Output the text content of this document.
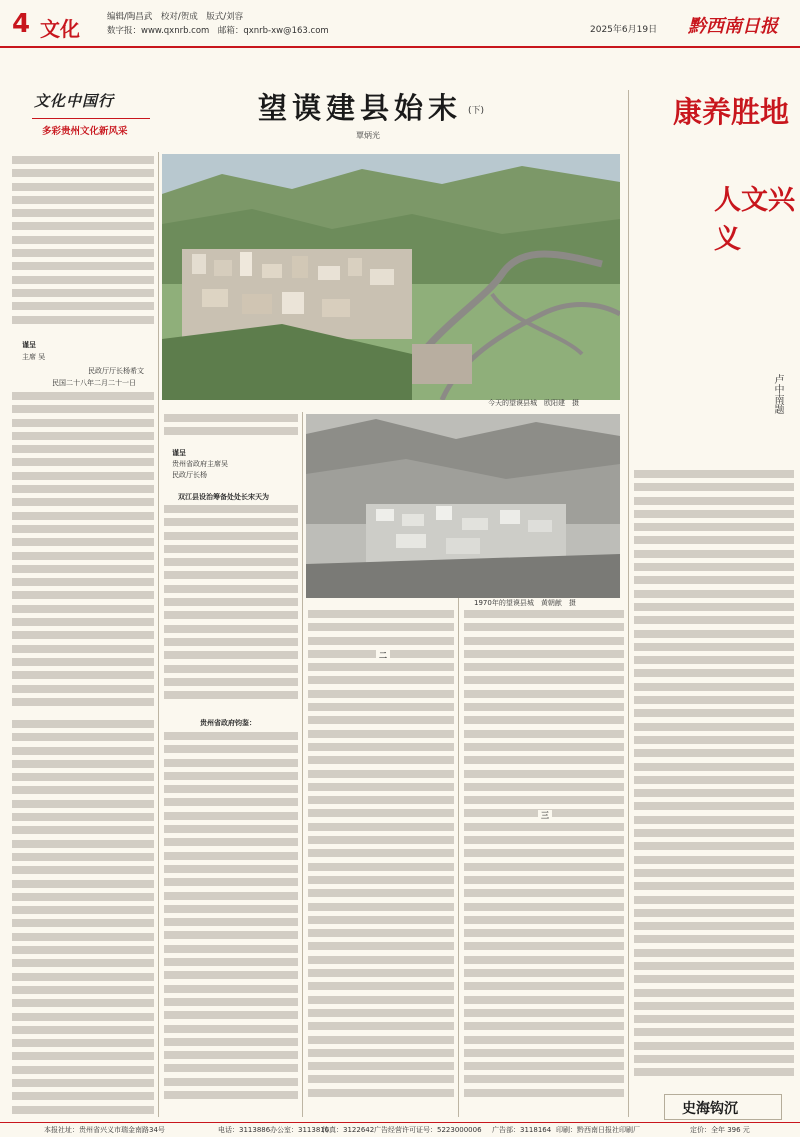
4 文化	编辑/陶昌武　校对/贺成　版式/刘容
数字报：www.qxnrb.com　邮箱：qxnrb-xw@163.com	2025年6月19日 黔西南日报
文化中国行
多彩贵州文化新风采
望谟建县始末 (下)
覃炳光
今天的望谟县城　欧阳建　摄
1970年的望谟县城　黄朝献　摄
谨呈
主席 吴
民政厅厅长杨希文
民国二十八年二月二十一日
谨呈
贵州省政府主席吴
民政厅长杨
双江县设治筹备处处长宋天为
贵州省政府钧鉴：
二
三
康养胜地
人文兴义
卢中南题
史海钩沉
本报社址：贵州省兴义市瑞金南路34号	电话：3113886 办公室：3113816
传真：3122642 广告经营许可证号：5223000006 广告部：3118164 印刷：黔西南日报社印刷厂	定价：全年 396 元
